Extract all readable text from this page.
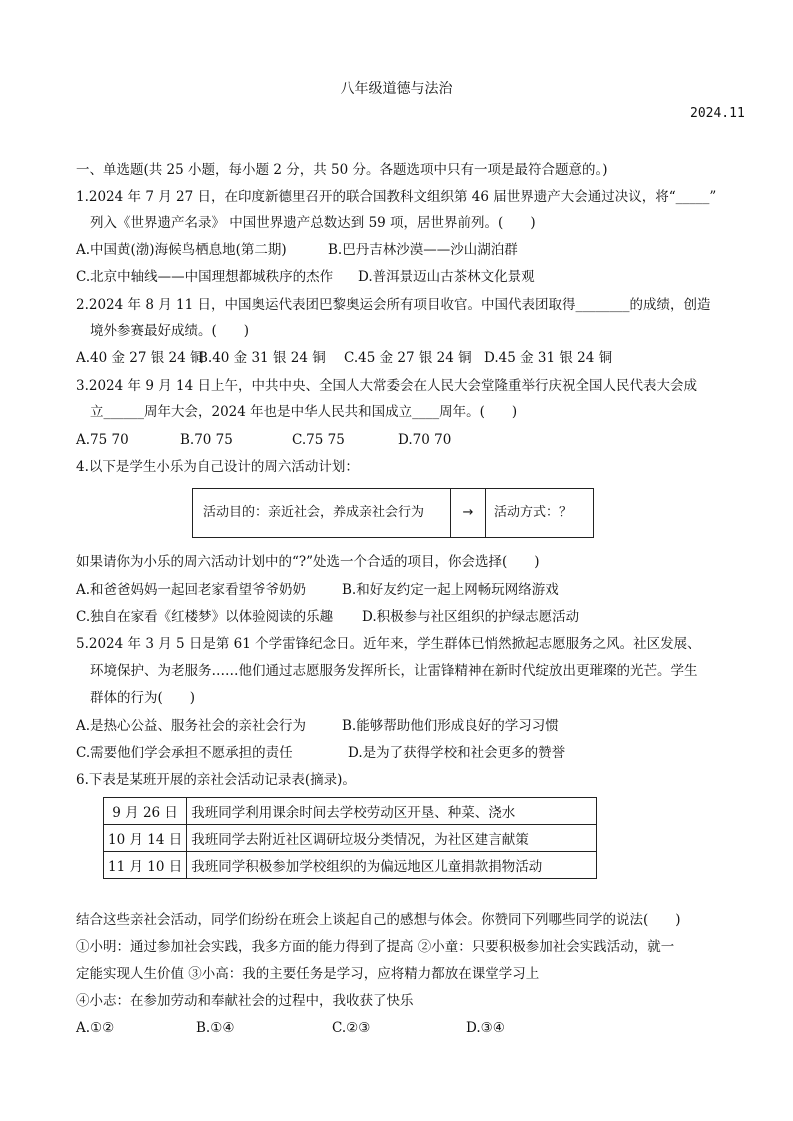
八年级道德与法治
2024.11
一、单选题(共 25 小题，每小题 2 分，共 50 分。各题选项中只有一项是最符合题意的。)
1.2024 年 7 月 27 日，在印度新德里召开的联合国教科文组织第 46 届世界遗产大会通过决议，将“_____”
列入《世界遗产名录》 中国世界遗产总数达到 59 项，居世界前列。(　　)
A.中国黄(渤)海候鸟栖息地(第二期)	B.巴丹吉林沙漠——沙山湖泊群
C.北京中轴线——中国理想都城秩序的杰作 D.普洱景迈山古茶林文化景观
2.2024 年 8 月 11 日，中国奥运代表团巴黎奥运会所有项目收官。中国代表团取得________的成绩，创造
境外参赛最好成绩。(　　)
A.40 金 27 银 24 铜
B.40 金 31 银 24 铜 C.45 金 27 银 24 铜 D.45 金 31 银 24 铜
3.2024 年 9 月 14 日上午，中共中央、全国人大常委会在人民大会堂隆重举行庆祝全国人民代表大会成
立______周年大会，2024 年也是中华人民共和国成立____周年。(　　)
A.75 70	B.70 75	C.75 75	D.70 70
4.以下是学生小乐为自己设计的周六活动计划：
活动目的：亲近社会，养成亲社会行为	→	活动方式：？
如果请你为小乐的周六活动计划中的“?”处选一个合适的项目，你会选择(　　)
A.和爸爸妈妈一起回老家看望爷爷奶奶	B.和好友约定一起上网畅玩网络游戏
C.独自在家看《红楼梦》以体验阅读的乐趣 D.积极参与社区组织的护绿志愿活动
5.2024 年 3 月 5 日是第 61 个学雷锋纪念日。近年来，学生群体已悄然掀起志愿服务之风。社区发展、
环境保护、为老服务……他们通过志愿服务发挥所长，让雷锋精神在新时代绽放出更璀璨的光芒。学生
群体的行为(　　)
A.是热心公益、服务社会的亲社会行为	B.能够帮助他们形成良好的学习习惯
C.需要他们学会承担不愿承担的责任	D.是为了获得学校和社会更多的赞誉
6.下表是某班开展的亲社会活动记录表(摘录)。
9 月 26 日	我班同学利用课余时间去学校劳动区开垦、种菜、浇水
10 月 14 日	我班同学去附近社区调研垃圾分类情况，为社区建言献策
11 月 10 日	我班同学积极参加学校组织的为偏远地区儿童捐款捐物活动
结合这些亲社会活动，同学们纷纷在班会上谈起自己的感想与体会。你赞同下列哪些同学的说法(　　)
①小明：通过参加社会实践，我多方面的能力得到了提高 ②小童：只要积极参加社会实践活动，就一
定能实现人生价值 ③小高：我的主要任务是学习，应将精力都放在课堂学习上
④小志：在参加劳动和奉献社会的过程中，我收获了快乐
A.①②	B.①④	C.②③	D.③④
